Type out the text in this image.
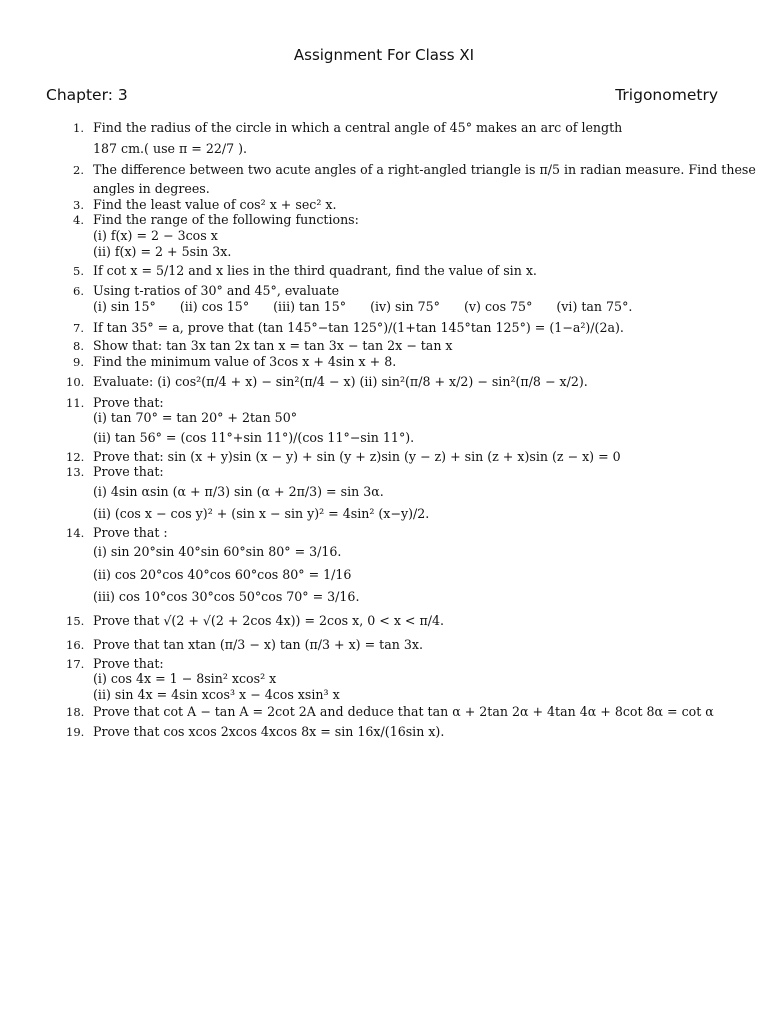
Assignment For Class XI
Chapter: 3	Trigonometry
1. Find the radius of the circle in which a central angle of 45° makes an arc of length
187 cm.( use π = 22/7 ).
2. The difference between two acute angles of a right-angled triangle is π/5 in radian measure. Find these
angles in degrees.
3. Find the least value of cos² x + sec² x.
4. Find the range of the following functions:
(i) f(x) = 2 − 3cos x
(ii) f(x) = 2 + 5sin 3x.
5. If cot x = 5/12 and x lies in the third quadrant, find the value of sin x.
6. Using t-ratios of 30° and 45°, evaluate
(i) sin 15° (ii) cos 15° (iii) tan 15° (iv) sin 75° (v) cos 75° (vi) tan 75°.
7. If tan 35° = a, prove that (tan 145°−tan 125°)/(1+tan 145°tan 125°) = (1−a²)/(2a).
8. Show that: tan 3x tan 2x tan x = tan 3x − tan 2x − tan x
9. Find the minimum value of 3cos x + 4sin x + 8.
10. Evaluate: (i) cos²(π/4 + x) − sin²(π/4 − x) (ii) sin²(π/8 + x/2) − sin²(π/8 − x/2).
11. Prove that:
(i) tan 70° = tan 20° + 2tan 50°
(ii) tan 56° = (cos 11°+sin 11°)/(cos 11°−sin 11°).
12. Prove that: sin (x + y)sin (x − y) + sin (y + z)sin (y − z) + sin (z + x)sin (z − x) = 0
13. Prove that:
(i) 4sin αsin (α + π/3) sin (α + 2π/3) = sin 3α.
(ii) (cos x − cos y)² + (sin x − sin y)² = 4sin² (x−y)/2.
14. Prove that :
(i) sin 20°sin 40°sin 60°sin 80° = 3/16.
(ii) cos 20°cos 40°cos 60°cos 80° = 1/16
(iii) cos 10°cos 30°cos 50°cos 70° = 3/16.
15. Prove that √(2 + √(2 + 2cos 4x)) = 2cos x, 0 < x < π/4.
16. Prove that tan xtan (π/3 − x) tan (π/3 + x) = tan 3x.
17. Prove that:
(i) cos 4x = 1 − 8sin² xcos² x
(ii) sin 4x = 4sin xcos³ x − 4cos xsin³ x
18. Prove that cot A − tan A = 2cot 2A and deduce that tan α + 2tan 2α + 4tan 4α + 8cot 8α = cot α
19. Prove that cos xcos 2xcos 4xcos 8x = sin 16x/(16sin x).
